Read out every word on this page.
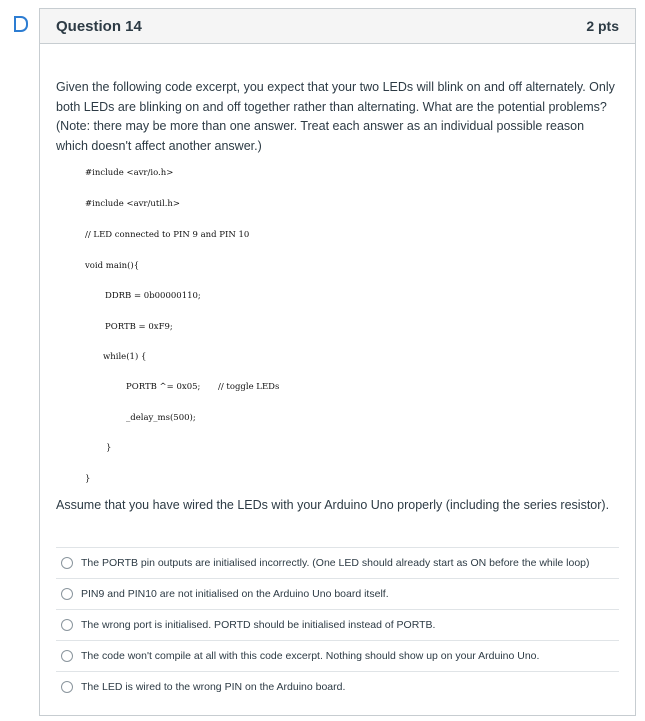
Question 14	2 pts

Given the following code excerpt, you expect that your two LEDs will blink on and off alternately. Only both LEDs are blinking on and off together rather than alternating. What are the potential problems? (Note: there may be more than one answer. Treat each answer as an individual possible reason which doesn't affect another answer.)

#include <avr/io.h>
#include <avr/util.h>
// LED connected to PIN 9 and PIN 10
void main(){
DDRB = 0b00000110;
PORTB = 0xF9;
while(1) {
PORTB ^= 0x05; // toggle LEDs
_delay_ms(500);
}
}
Assume that you have wired the LEDs with your Arduino Uno properly (including the series resistor).
The PORTB pin outputs are initialised incorrectly. (One LED should already start as ON before the while loop)
PIN9 and PIN10 are not initialised on the Arduino Uno board itself.
The wrong port is initialised. PORTD should be initialised instead of PORTB.
The code won't compile at all with this code excerpt. Nothing should show up on your Arduino Uno.
The LED is wired to the wrong PIN on the Arduino board.
